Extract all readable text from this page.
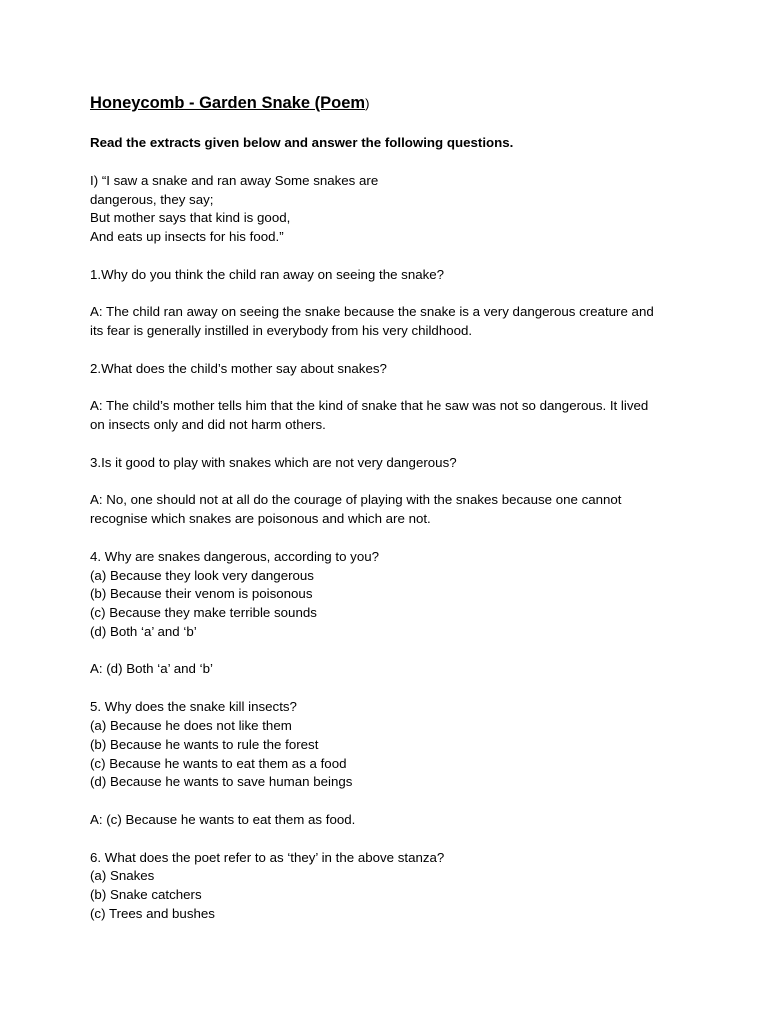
Honeycomb - Garden Snake (Poem)
Read the extracts given below and answer the following questions.
I) “I saw a snake and ran away Some snakes are
dangerous, they say;
But mother says that kind is good,
And eats up insects for his food.”
1.Why do you think the child ran away on seeing the snake?
A: The child ran away on seeing the snake because the snake is a very dangerous creature and
its fear is generally instilled in everybody from his very childhood.
2.What does the child’s mother say about snakes?
A: The child’s mother tells him that the kind of snake that he saw was not so dangerous. It lived
on insects only and did not harm others.
3.Is it good to play with snakes which are not very dangerous?
A: No, one should not at all do the courage of playing with the snakes because one cannot
recognise which snakes are poisonous and which are not.
4. Why are snakes dangerous, according to you?
(a) Because they look very dangerous
(b) Because their venom is poisonous
(c) Because they make terrible sounds
(d) Both ‘a’ and ‘b’
A: (d) Both ‘a’ and ‘b’
5. Why does the snake kill insects?
(a) Because he does not like them
(b) Because he wants to rule the forest
(c) Because he wants to eat them as a food
(d) Because he wants to save human beings
A: (c) Because he wants to eat them as food.
6. What does the poet refer to as ‘they’ in the above stanza?
(a) Snakes
(b) Snake catchers
(c) Trees and bushes
